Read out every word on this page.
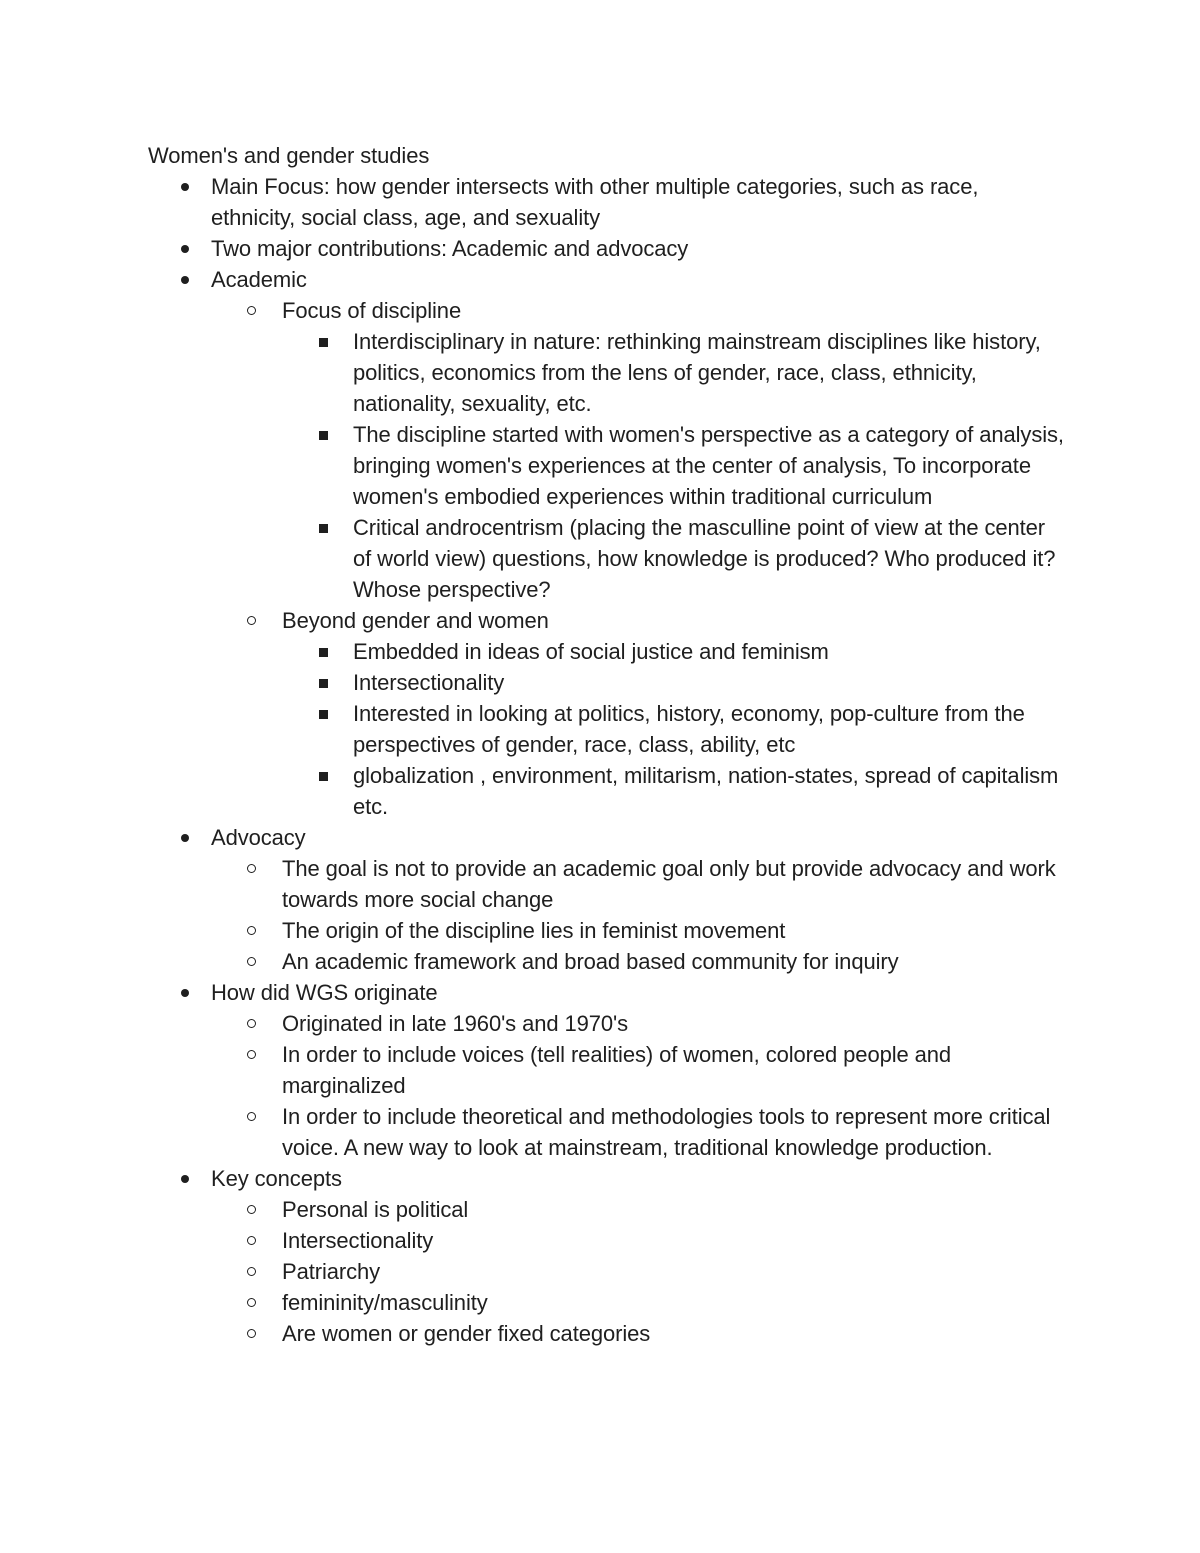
Women's and gender studies
Main Focus: how gender intersects with other multiple categories, such as race, ethnicity, social class, age, and sexuality
Two major contributions: Academic and advocacy
Academic
Focus of discipline
Interdisciplinary in nature: rethinking mainstream disciplines like history, politics, economics from the lens of gender, race, class, ethnicity, nationality, sexuality, etc.
The discipline started with women's perspective as a category of analysis, bringing women's experiences at the center of analysis, To incorporate women's embodied experiences within traditional curriculum
Critical androcentrism (placing the masculline point of view at the center of world view) questions, how knowledge is produced? Who produced it? Whose perspective?
Beyond gender and women
Embedded in ideas of social justice and feminism
Intersectionality
Interested in looking at politics, history, economy, pop-culture from the perspectives of gender, race, class, ability, etc
globalization , environment, militarism, nation-states, spread of capitalism etc.
Advocacy
The goal is not to provide an academic goal only but provide advocacy and work towards more social change
The origin of the discipline lies in feminist movement
An academic framework and broad based community for inquiry
How did WGS originate
Originated in late 1960's and 1970's
In order to include voices (tell realities) of women, colored people and marginalized
In order to include theoretical and methodologies tools to represent more critical voice. A new way to look at mainstream, traditional knowledge production.
Key concepts
Personal is political
Intersectionality
Patriarchy
femininity/masculinity
Are women or gender fixed categories
